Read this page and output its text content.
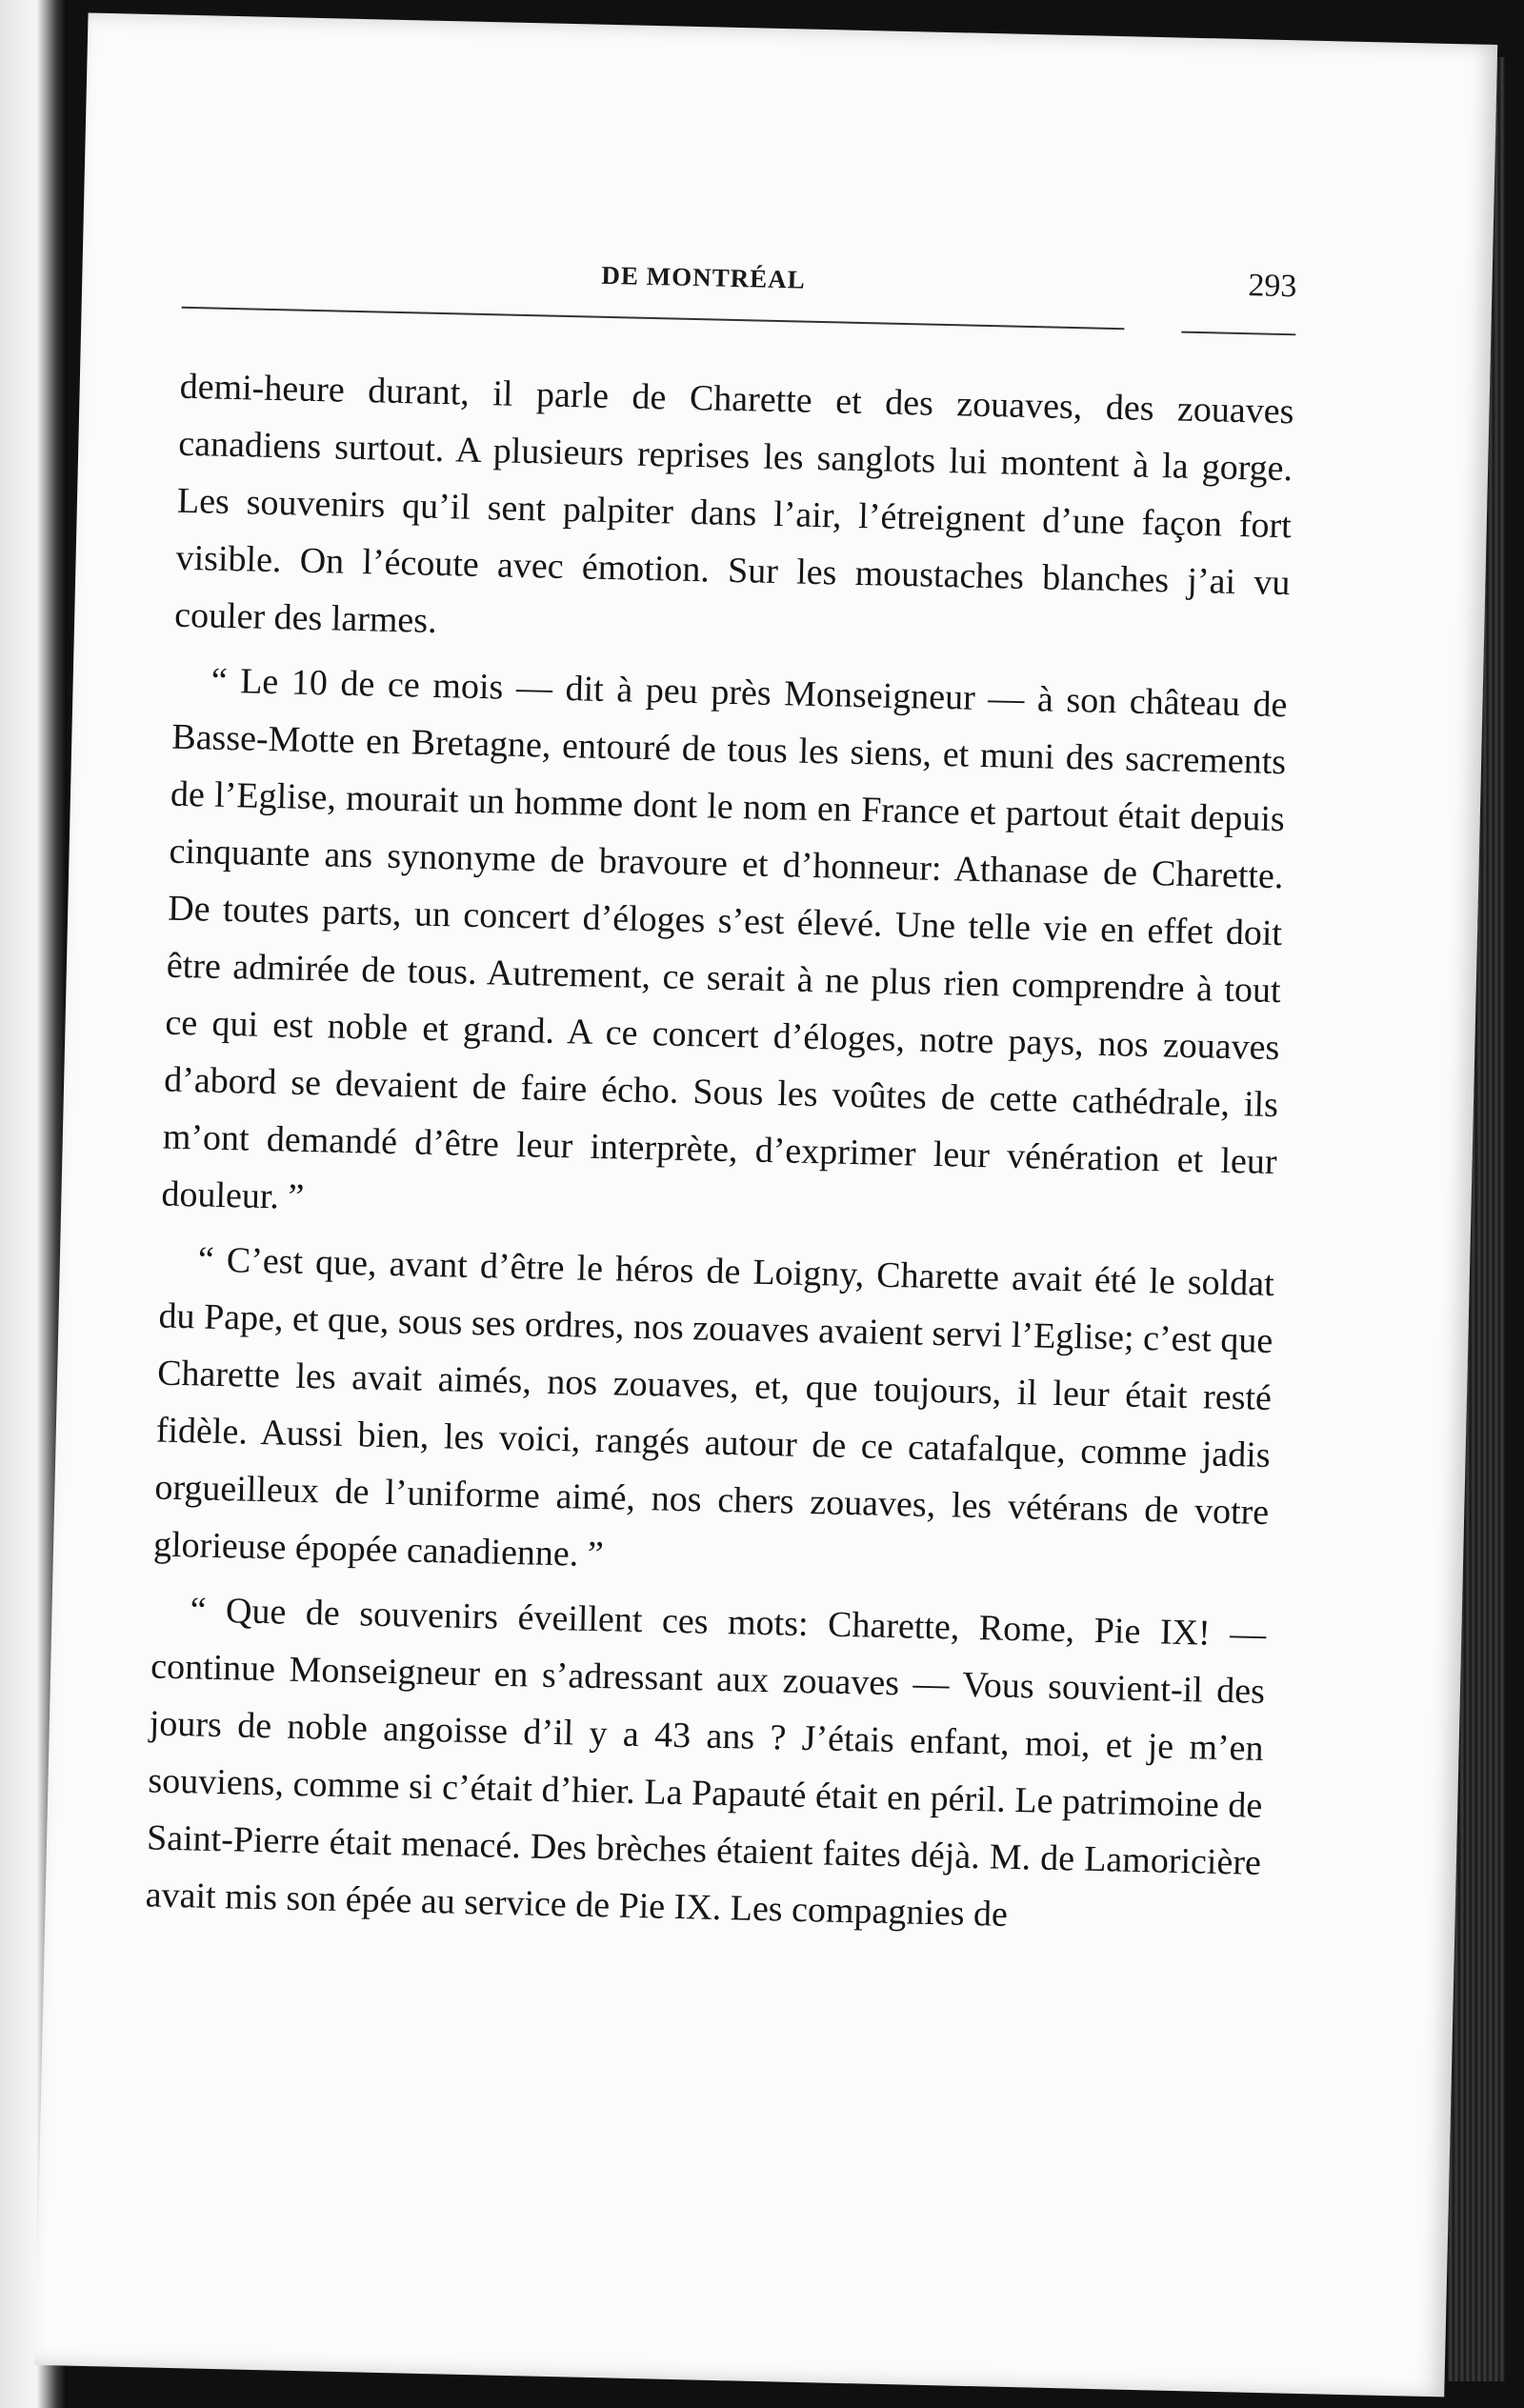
DE MONTRÉAL	293

demi-heure durant, il parle de Charette et des zouaves, des zouaves canadiens surtout. A plusieurs reprises les sanglots lui montent à la gorge. Les souvenirs qu’il sent palpiter dans l’air, l’étreignent d’une façon fort visible. On l’écoute avec émotion. Sur les moustaches blanches j’ai vu couler des larmes.

“ Le 10 de ce mois — dit à peu près Monseigneur — à son château de Basse-Motte en Bretagne, entouré de tous les siens, et muni des sacrements de l’Eglise, mourait un homme dont le nom en France et partout était depuis cinquante ans synonyme de bravoure et d’honneur: Athanase de Charette. De toutes parts, un concert d’éloges s’est élevé. Une telle vie en effet doit être admirée de tous. Autrement, ce serait à ne plus rien comprendre à tout ce qui est noble et grand. A ce concert d’éloges, notre pays, nos zouaves d’abord se devaient de faire écho. Sous les voûtes de cette cathédrale, ils m’ont demandé d’être leur interprète, d’exprimer leur vénération et leur douleur. ”

“ C’est que, avant d’être le héros de Loigny, Charette avait été le soldat du Pape, et que, sous ses ordres, nos zouaves avaient servi l’Eglise; c’est que Charette les avait aimés, nos zouaves, et, que toujours, il leur était resté fidèle. Aussi bien, les voici, rangés autour de ce catafalque, comme jadis orgueilleux de l’uniforme aimé, nos chers zouaves, les vétérans de votre glorieuse épopée canadienne. ”

“ Que de souvenirs éveillent ces mots: Charette, Rome, Pie IX! — continue Monseigneur en s’adressant aux zouaves — Vous souvient-il des jours de noble angoisse d’il y a 43 ans ? J’étais enfant, moi, et je m’en souviens, comme si c’était d’hier. La Papauté était en péril. Le patrimoine de Saint-Pierre était menacé. Des brèches étaient faites déjà. M. de Lamoricière avait mis son épée au service de Pie IX. Les compagnies de
